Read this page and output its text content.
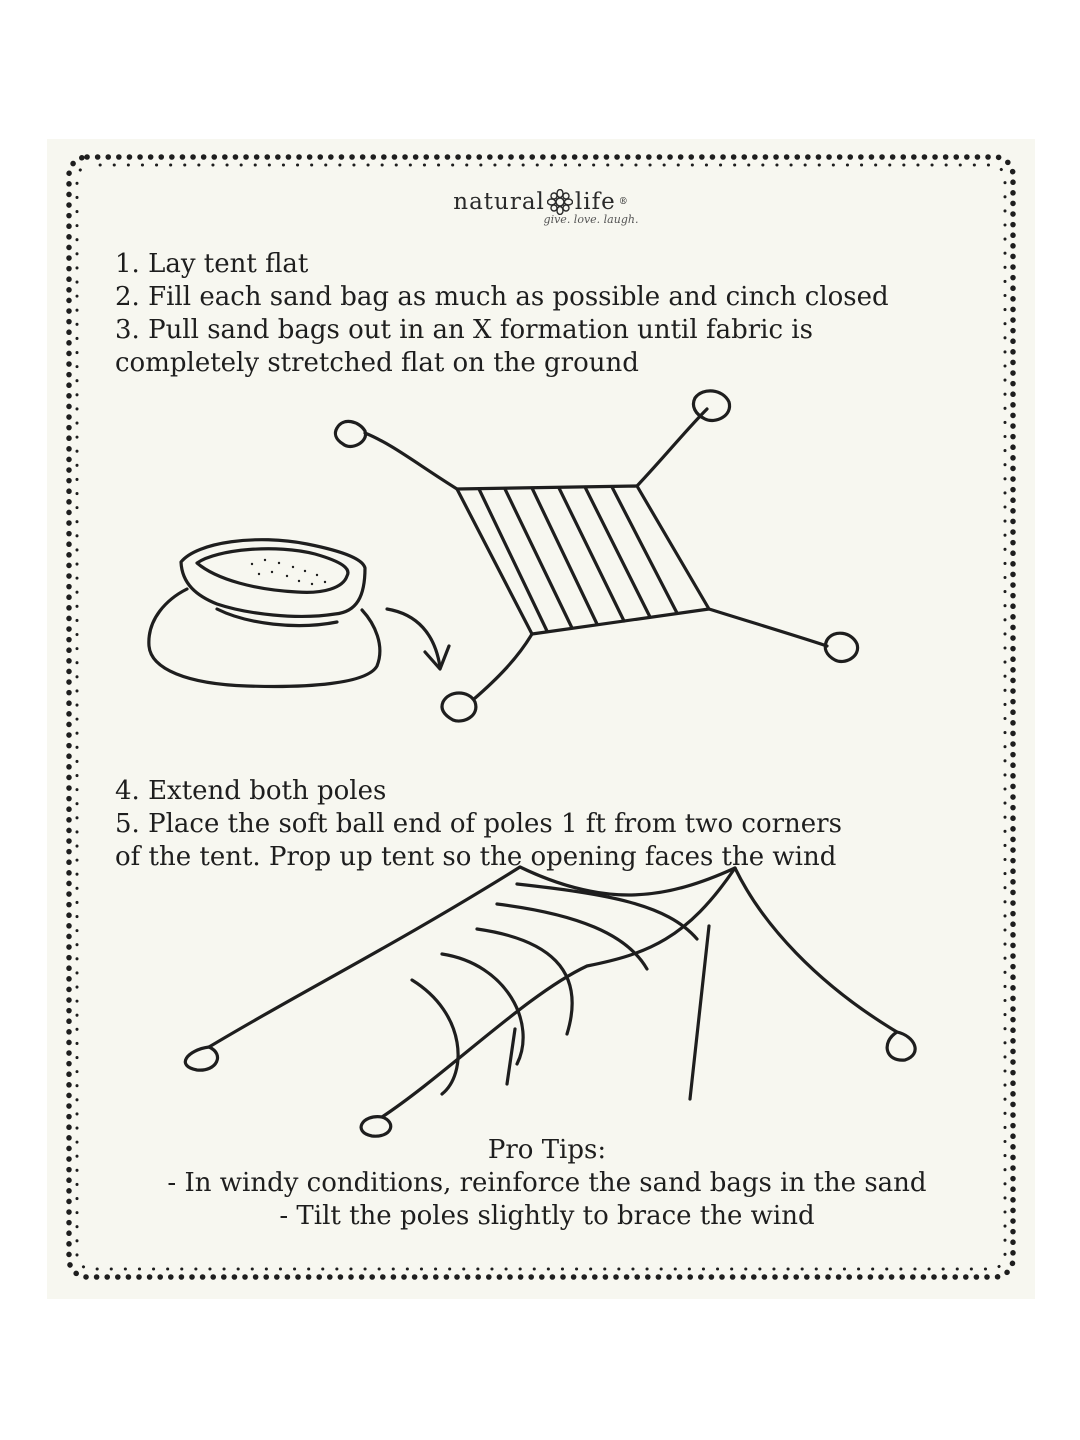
natural life ®
give. love. laugh.

1. Lay tent flat

2. Fill each sand bag as much as possible and cinch closed

3. Pull sand bags out in an X formation until fabric is

completely stretched flat on the ground

4. Extend both poles

5. Place the soft ball end of poles 1 ft from two corners

of the tent. Prop up tent so the opening faces the wind

Pro Tips:

- In windy conditions, reinforce the sand bags in the sand

- Tilt the poles slightly to brace the wind
